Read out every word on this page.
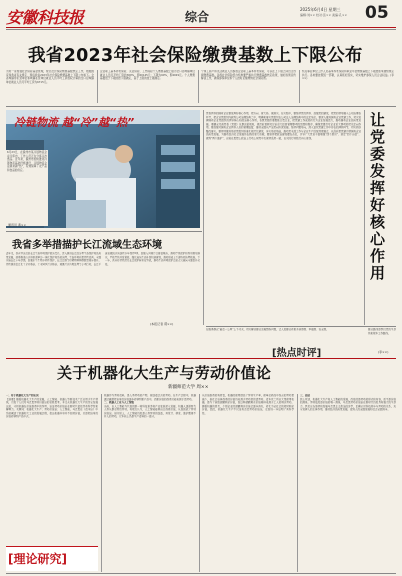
安徽科技报	综合
2025年6月4日 星期三
编辑:刘×× 校对:张×× 美编:孔×× 05
我省2023年社会保险缴费基数上下限公布
为进一步加强社会保险基金管理，规范社会保险缴费基数核定工作，根据国家和我省有关规定，现将我省2023年社会保险缴费基数上下限公布如下。全省城镇非私营单位和城镇私营单位就业人员平均工资加权计算的全口径城镇单位就业人员月平均工资为6715元。
企业职工基本养老保险、失业保险、工伤保险个人缴费基数上限为全口径城镇单位就业人员月平均工资的300%，即20145元；下限为60%，即4029元。个人缴费基数低于下限的按下限确定，高于上限的按上限确定。
个体工商户和灵活就业人员参加企业职工基本养老保险，可以在上下限之间自主选择缴费基数。各级社会保险经办机构要严格执行缴费基数核定政策，做好政策宣传解读工作，确保参保单位和个人按时足额缴纳社会保险费。
机关事业单位工作人员基本养老保险和职业年金缴费基数上下限按照本通知规定执行。各地要按照统一部署，认真抓好落实，切实维护参保人员合法权益。(李××)
冷链物流 越“冷”越“热”
6月23日，在滁州市某冷链物流企业冷库内，工作人员正在分拣冷冻食品。近年来，滁州市加快推进冷链物流基础设施建设，冷链物流企业越来越“热”，有效保障了农产品和食品的供应。
通讯员 黄××
党委领导的国有企业要发挥好核心作用，把方向、管大局、保落实。在实践中，要坚持党的领导、加强党的建设，把党的领导融入公司治理各环节，把企业党组织内嵌到公司治理结构之中，明确和落实党组织在公司法人治理结构中的法定地位。要深入推进国有企业党建工作，切实发挥国有企业党组织的领导核心和政治核心作用。各级党组织要聚焦主责主业，把党建工作成效转化为企业发展活力，推动国有企业高质量发展。要健全完善党委（党组）议事决策规则，规范前置研究讨论重大经营管理事项的范围和程序，确保党组织对企业重大事项的把关定向作用。要加强对国有企业领导人员的管理监督，推动全面从严治党向纵深发展。坚持问题导向，深入查找党建工作中存在的薄弱环节，切实抓好整改落实。要持续推进基层党组织标准化规范化建设，夯实基层基础，推动党支部工作与企业生产经营深度融合，以高质量党建引领国有企业高质量发展，为推动经济社会发展作出新的更大贡献。要坚持把政治建设摆在首位，引导广大党员干部增强“四个意识”、坚定“四个自信”、做到“两个维护”，自觉在思想上政治上行动上同党中央保持高度一致，以实际行动践行初心使命。
让
党
委
发
挥
好
核
心
作
用
我省多举措描护长江流域生态环境
近年来，我省坚决扛起长江生态环境保护政治责任，深入推进长江经济带生态保护和高质量发展，统筹推进山水林田湖草沙一体化保护和系统治理，生态环境质量持续改善。全面实施长江十年禁渔，加强水生生物多样性保护，长江江豚等珍稀物种种群数量稳步回升。持续推进沿江化工企业整治、工业园区污水整治、城镇污水垃圾处理等专项行动，长江干流安徽段水质连续多年保持Ⅱ类。加强入河排污口排查整治，推动岸线保护和利用规划落实，严格岸线开发管控。强化流域生态补偿机制建设，推动形成上下游协同治理格局。下一步，我省将持续深化长江保护修复攻坚战，推动生态环境保护由重点突破向全面提升转变。
(本报记者 郭××)
在服务群众“最后一公里”上下功夫，切实解决群众急难愁盼问题，让人民群众有更多获得感、幸福感、安全感。	群众路线是我们党的生命线和根本工作路线。
(李××)
[热点时评]
关于机器化大生产与劳动价值论
新疆师范大学 周××
一、对于机器化大生产的认识
【摘要】随着机器化大生产的发展，人工智能、机器人等新技术广泛应用于生产领域，引发了人们对马克思劳动价值论的重新思考。本文从机器化大生产的历史发展出发，分析机器在价值创造中的作用，论证劳动价值论在新时代依然具有科学性和解释力。关键词：机器化大生产；劳动价值论；人工智能。马克思在《资本论》中系统阐述了机器和大工业的发展过程，指出机器本身并不创造价值，只是把自身的价值转移到产品中去。
机器作为劳动资料，是人类劳动的产物，凝结着过去的劳动。在生产过程中，机器通过磨损把自身的价值逐步转移到新产品中，而新价值的创造只能来源于活劳动。
二、机器人工业与人工智能
当前，以人工智能为代表的新一轮科技革命和产业变革深入发展，机器人逐渐替代人类从事重复性劳动。有观点认为，人工智能能够自主创造价值，从而挑战了劳动价值论。但实际上，人工智能仍然是人类劳动的结晶，其设计、研发、维护都离不开人的劳动，它本质上仍是生产资料的一部分。
从价值创造的角度看，机器的使用提高了劳动生产率，使单位商品中包含的劳动量减少，但社会总体创造的价值仍来源于劳动者的活劳动。资本家之所以大量使用机器，是为了获取超额剩余价值，而这种超额剩余价值同样来源于工人的剩余劳动。随着机器的普及，个别企业的超额剩余价值会逐步消失，转化为全社会的相对剩余价值。因此，机器化大生产不仅没有否定劳动价值论，反而进一步证明了其科学性。
三、总结
综上所述，机器化大生产和人工智能的发展，改变的是劳动的形式和内容，而不是价值的源泉。劳动依然是价值的唯一源泉，马克思劳动价值论在新时代仍然具有强大的生命力。我们应当坚持和发展马克思主义政治经济学，正确认识科技进步与劳动的关系，充分发挥人的主体作用，推动经济高质量发展，促进人的全面发展和社会全面进步。
[理论研究]
